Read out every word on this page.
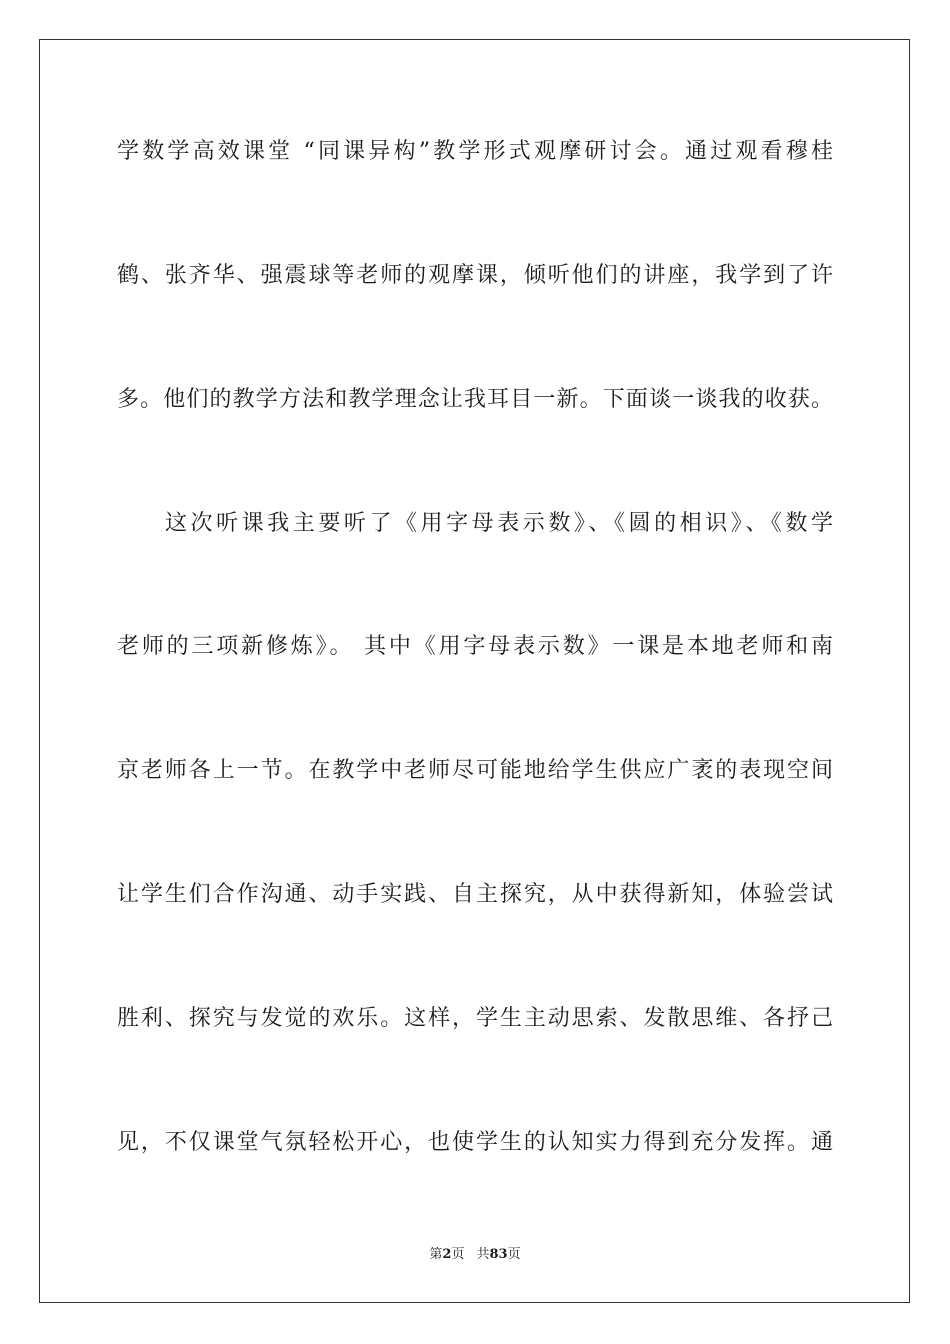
学数学高效课堂 “同课异构”教学形式观摩研讨会。通过观看穆桂
鹤、张齐华、强震球等老师的观摩课，倾听他们的讲座，我学到了许
多。他们的教学方法和教学理念让我耳目一新。下面谈一谈我的收获。
这次听课我主要听了《用字母表示数》、《圆的相识》、《数学
老师的三项新修炼》。 其中《用字母表示数》一课是本地老师和南
京老师各上一节。在教学中老师尽可能地给学生供应广袤的表现空间
让学生们合作沟通、动手实践、自主探究，从中获得新知，体验尝试
胜利、探究与发觉的欢乐。这样，学生主动思索、发散思维、各抒己
见，不仅课堂气氛轻松开心，也使学生的认知实力得到充分发挥。通
第2页 共83页
